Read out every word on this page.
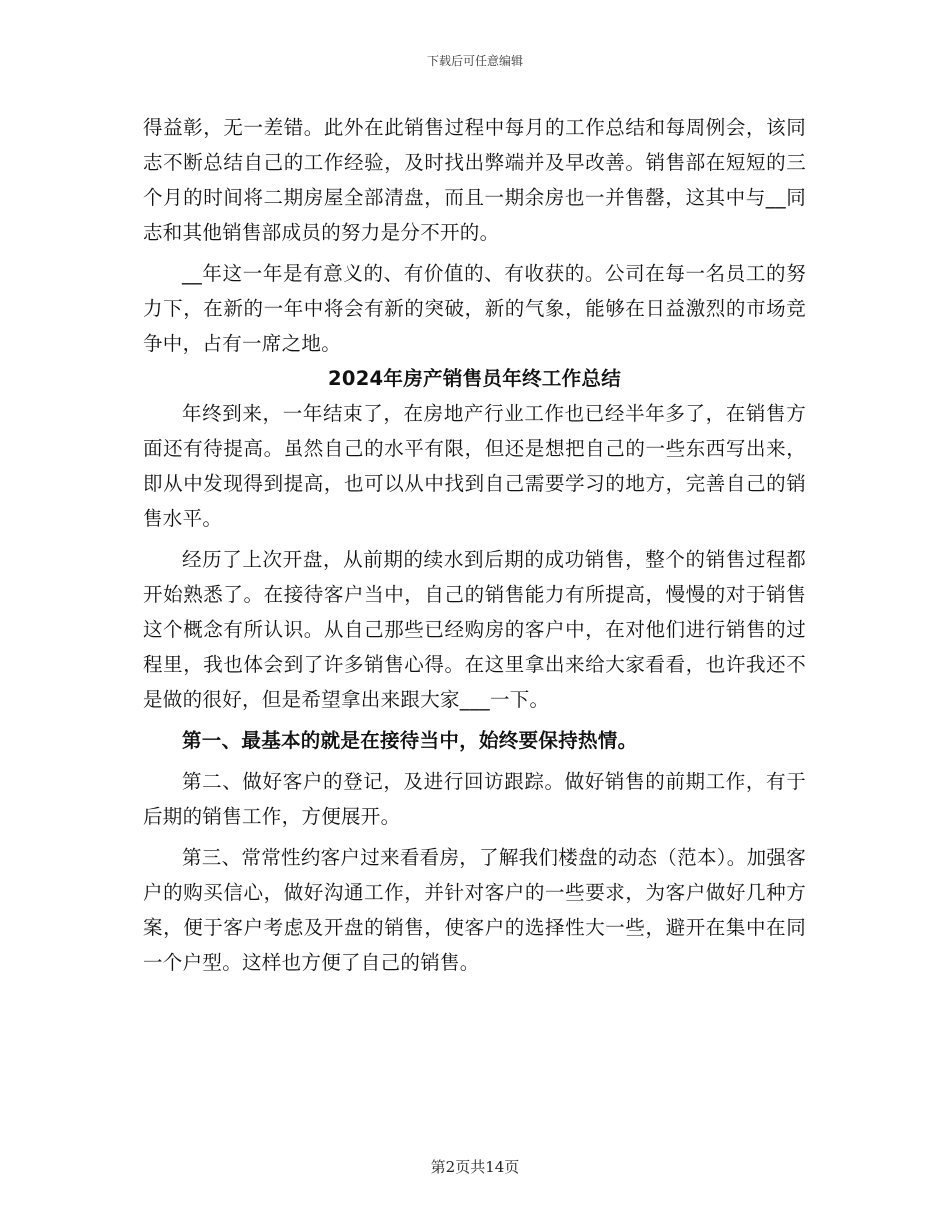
下载后可任意编辑

得益彰，无一差错。此外在此销售过程中每月的工作总结和每周例会，该同志不断总结自己的工作经验，及时找出弊端并及早改善。销售部在短短的三个月的时间将二期房屋全部清盘，而且一期余房也一并售罄，这其中与__同志和其他销售部成员的努力是分不开的。

__年这一年是有意义的、有价值的、有收获的。公司在每一名员工的努力下，在新的一年中将会有新的突破，新的气象，能够在日益激烈的市场竞争中，占有一席之地。

2024年房产销售员年终工作总结

年终到来，一年结束了，在房地产行业工作也已经半年多了，在销售方面还有待提高。虽然自己的水平有限，但还是想把自己的一些东西写出来，即从中发现得到提高，也可以从中找到自己需要学习的地方，完善自己的销售水平。

经历了上次开盘，从前期的续水到后期的成功销售，整个的销售过程都开始熟悉了。在接待客户当中，自己的销售能力有所提高，慢慢的对于销售这个概念有所认识。从自己那些已经购房的客户中，在对他们进行销售的过程里，我也体会到了许多销售心得。在这里拿出来给大家看看，也许我还不是做的很好，但是希望拿出来跟大家___一下。

第一、最基本的就是在接待当中，始终要保持热情。

第二、做好客户的登记，及进行回访跟踪。做好销售的前期工作，有于后期的销售工作，方便展开。

第三、常常性约客户过来看看房，了解我们楼盘的动态（范本）。加强客户的购买信心，做好沟通工作，并针对客户的一些要求，为客户做好几种方案，便于客户考虑及开盘的销售，使客户的选择性大一些，避开在集中在同一个户型。这样也方便了自己的销售。

第2页共14页
